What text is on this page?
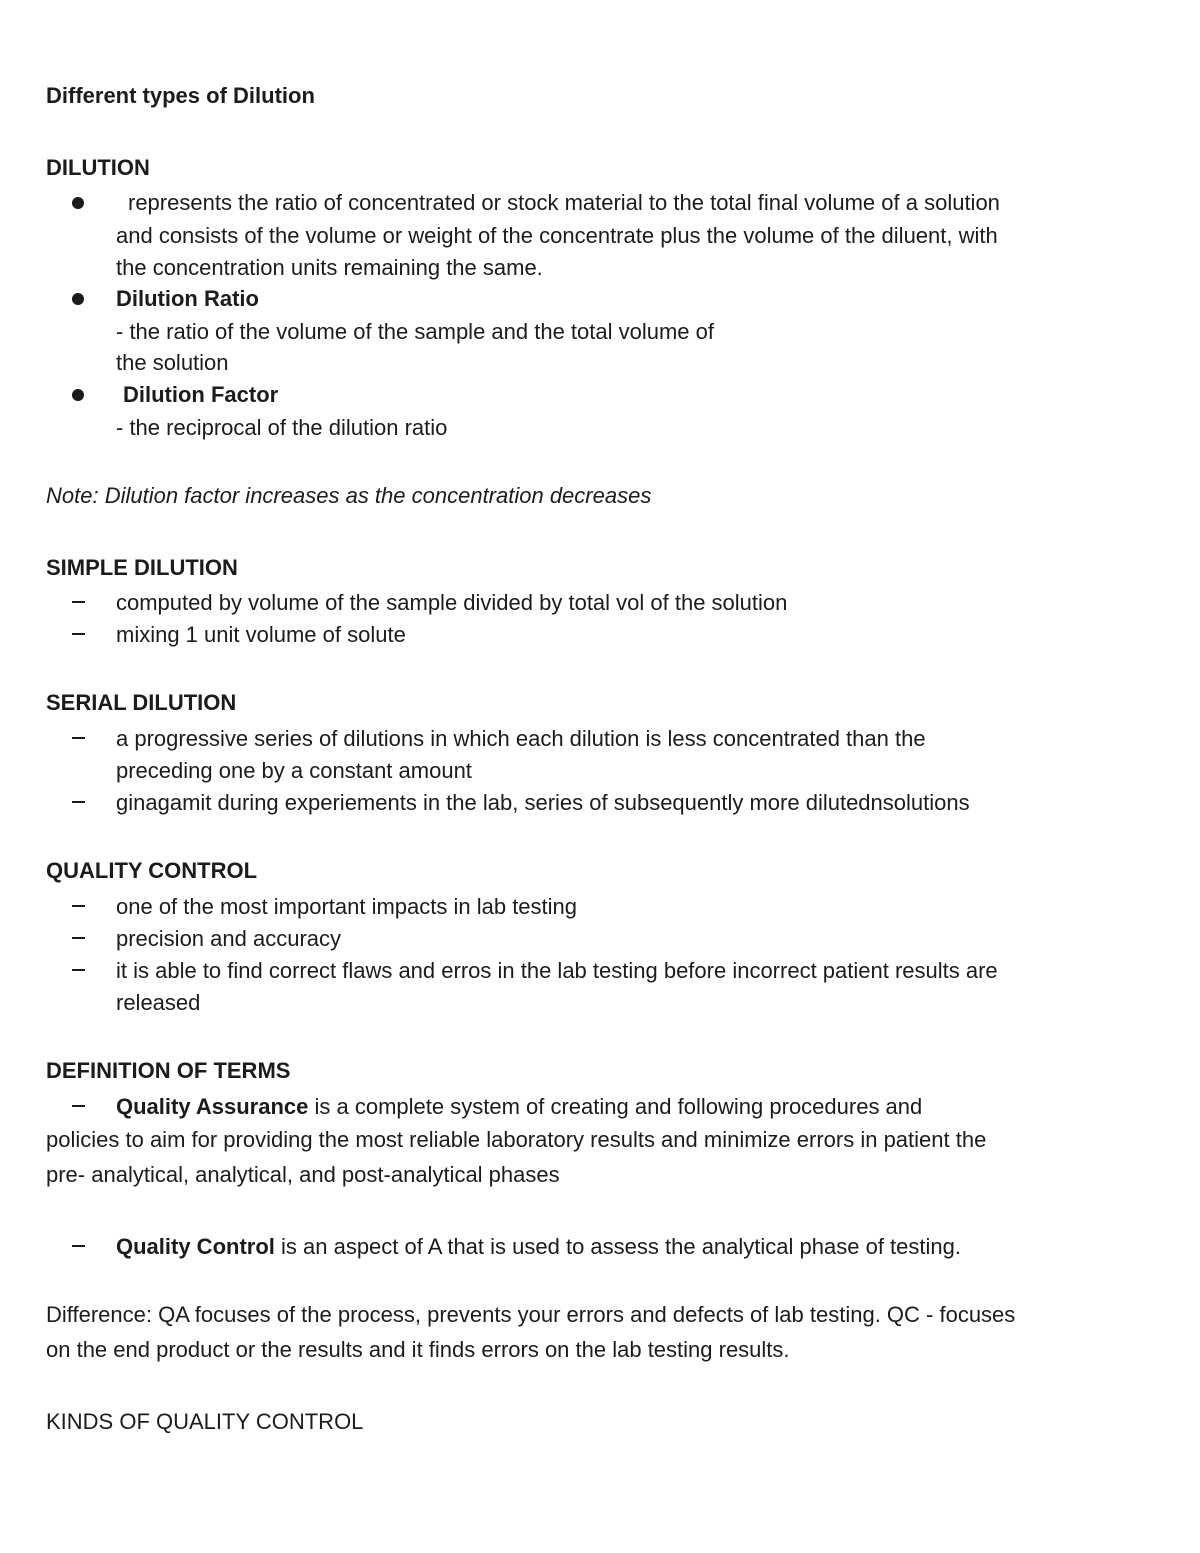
Different types of Dilution
DILUTION
represents the ratio of concentrated or stock material to the total final volume of a solution
and consists of the volume or weight of the concentrate plus the volume of the diluent, with
the concentration units remaining the same.
Dilution Ratio
- the ratio of the volume of the sample and the total volume of
the solution
Dilution Factor
- the reciprocal of the dilution ratio
Note: Dilution factor increases as the concentration decreases
SIMPLE DILUTION
computed by volume of the sample divided by total vol of the solution
mixing 1 unit volume of solute
SERIAL DILUTION
a progressive series of dilutions in which each dilution is less concentrated than the
preceding one by a constant amount
ginagamit during experiements in the lab, series of subsequently more dilutednsolutions
QUALITY CONTROL
one of the most important impacts in lab testing
precision and accuracy
it is able to find correct flaws and erros in the lab testing before incorrect patient results are
released
DEFINITION OF TERMS
Quality Assurance is a complete system of creating and following procedures and
policies to aim for providing the most reliable laboratory results and minimize errors in patient the
pre- analytical, analytical, and post-analytical phases
Quality Control is an aspect of A that is used to assess the analytical phase of testing.
Difference: QA focuses of the process, prevents your errors and defects of lab testing. QC - focuses
on the end product or the results and it finds errors on the lab testing results.
KINDS OF QUALITY CONTROL
